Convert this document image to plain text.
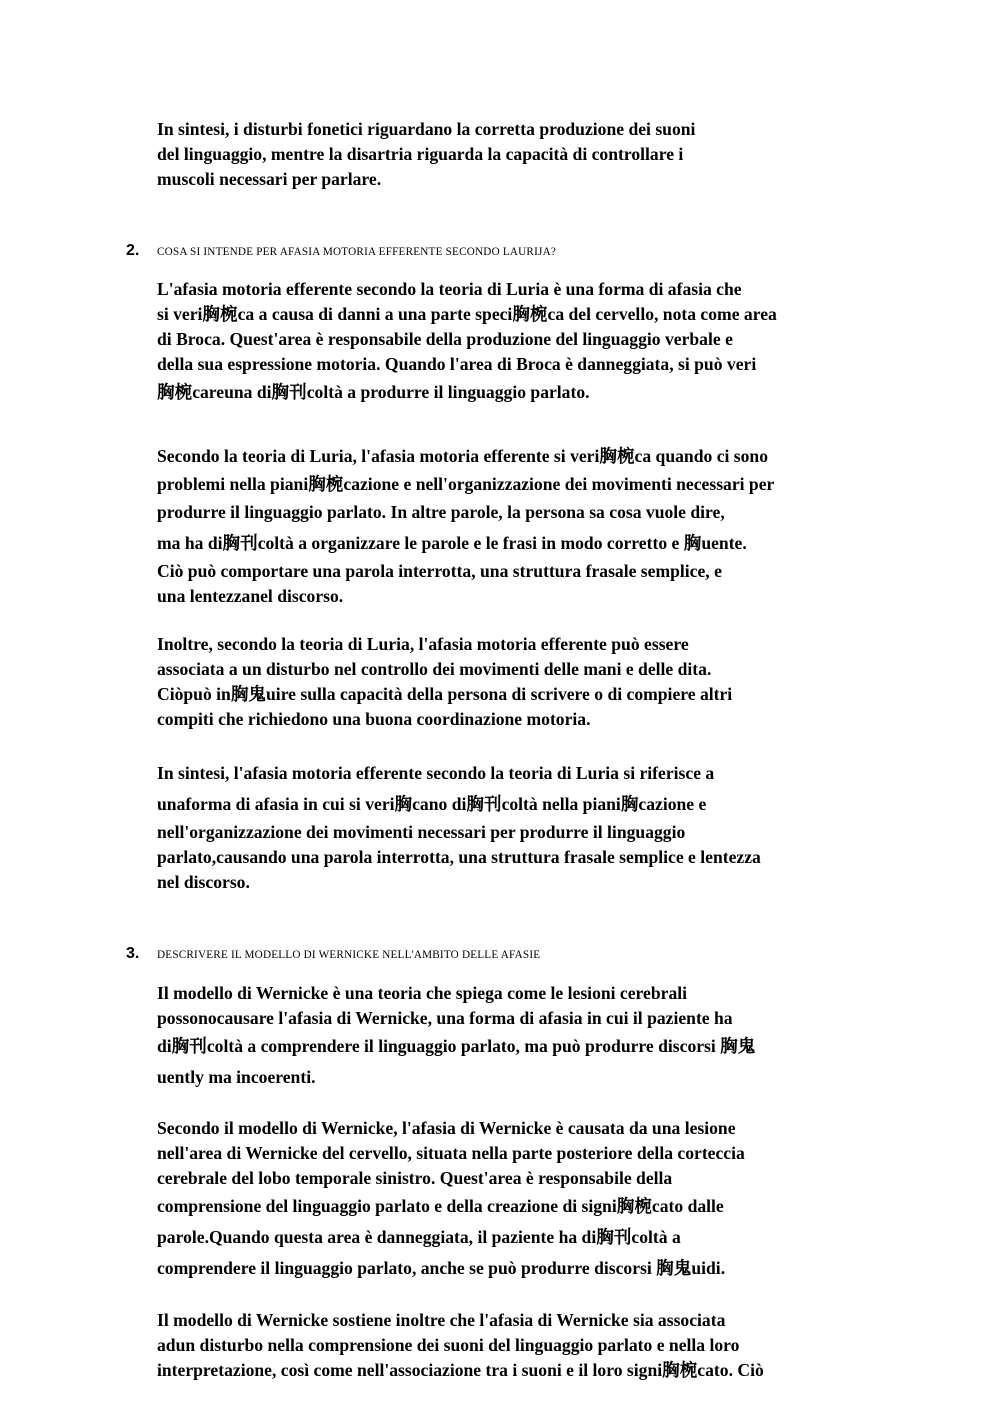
In sintesi, i disturbi fonetici riguardano la corretta produzione dei suoni
del linguaggio, mentre la disartria riguarda la capacità di controllare i
muscoli necessari per parlare.
2. COSA SI INTENDE PER AFASIA MOTORIA EFFERENTE SECONDO LAURIJA?
L'afasia motoria efferente secondo la teoria di Luria è una forma di afasia che
si veri胸椀ca a causa di danni a una parte speci胸椀ca del cervello, nota come area
di Broca. Quest'area è responsabile della produzione del linguaggio verbale e
della sua espressione motoria. Quando l'area di Broca è danneggiata, si può veri
胸椀careuna di胸刊coltà a produrre il linguaggio parlato.
Secondo la teoria di Luria, l'afasia motoria efferente si veri胸椀ca quando ci sono
problemi nella piani胸椀cazione e nell'organizzazione dei movimenti necessari per
produrre il linguaggio parlato. In altre parole, la persona sa cosa vuole dire,
ma ha di胸刊coltà a organizzare le parole e le frasi in modo corretto e 胸uente.
Ciò può comportare una parola interrotta, una struttura frasale semplice, e
una lentezzanel discorso.
Inoltre, secondo la teoria di Luria, l'afasia motoria efferente può essere
associata a un disturbo nel controllo dei movimenti delle mani e delle dita.
Ciòpuò in胸鬼uire sulla capacità della persona di scrivere o di compiere altri
compiti che richiedono una buona coordinazione motoria.
In sintesi, l'afasia motoria efferente secondo la teoria di Luria si riferisce a
unaforma di afasia in cui si veri胸cano di胸刊coltà nella piani胸cazione e
nell'organizzazione dei movimenti necessari per produrre il linguaggio
parlato,causando una parola interrotta, una struttura frasale semplice e lentezza
nel discorso.
3. DESCRIVERE IL MODELLO DI WERNICKE NELL'AMBITO DELLE AFASIE
Il modello di Wernicke è una teoria che spiega come le lesioni cerebrali
possonocausare l'afasia di Wernicke, una forma di afasia in cui il paziente ha
di胸刊coltà a comprendere il linguaggio parlato, ma può produrre discorsi 胸鬼
uently ma incoerenti.
Secondo il modello di Wernicke, l'afasia di Wernicke è causata da una lesione
nell'area di Wernicke del cervello, situata nella parte posteriore della corteccia
cerebrale del lobo temporale sinistro. Quest'area è responsabile della
comprensione del linguaggio parlato e della creazione di signi胸椀cato dalle
parole.Quando questa area è danneggiata, il paziente ha di胸刊coltà a
comprendere il linguaggio parlato, anche se può produrre discorsi 胸鬼uidi.
Il modello di Wernicke sostiene inoltre che l'afasia di Wernicke sia associata
adun disturbo nella comprensione dei suoni del linguaggio parlato e nella loro
interpretazione, così come nell'associazione tra i suoni e il loro signi胸椀cato. Ciò
